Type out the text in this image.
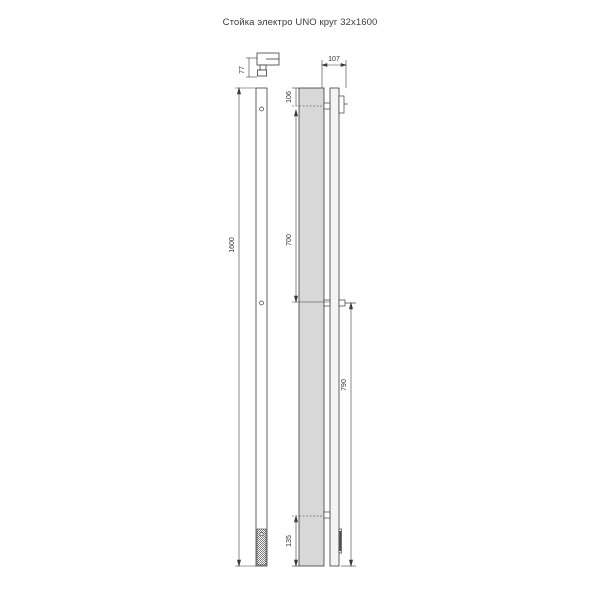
Стойка электро UNO круг 32x1600
77
1600
107
106
700
790
135
